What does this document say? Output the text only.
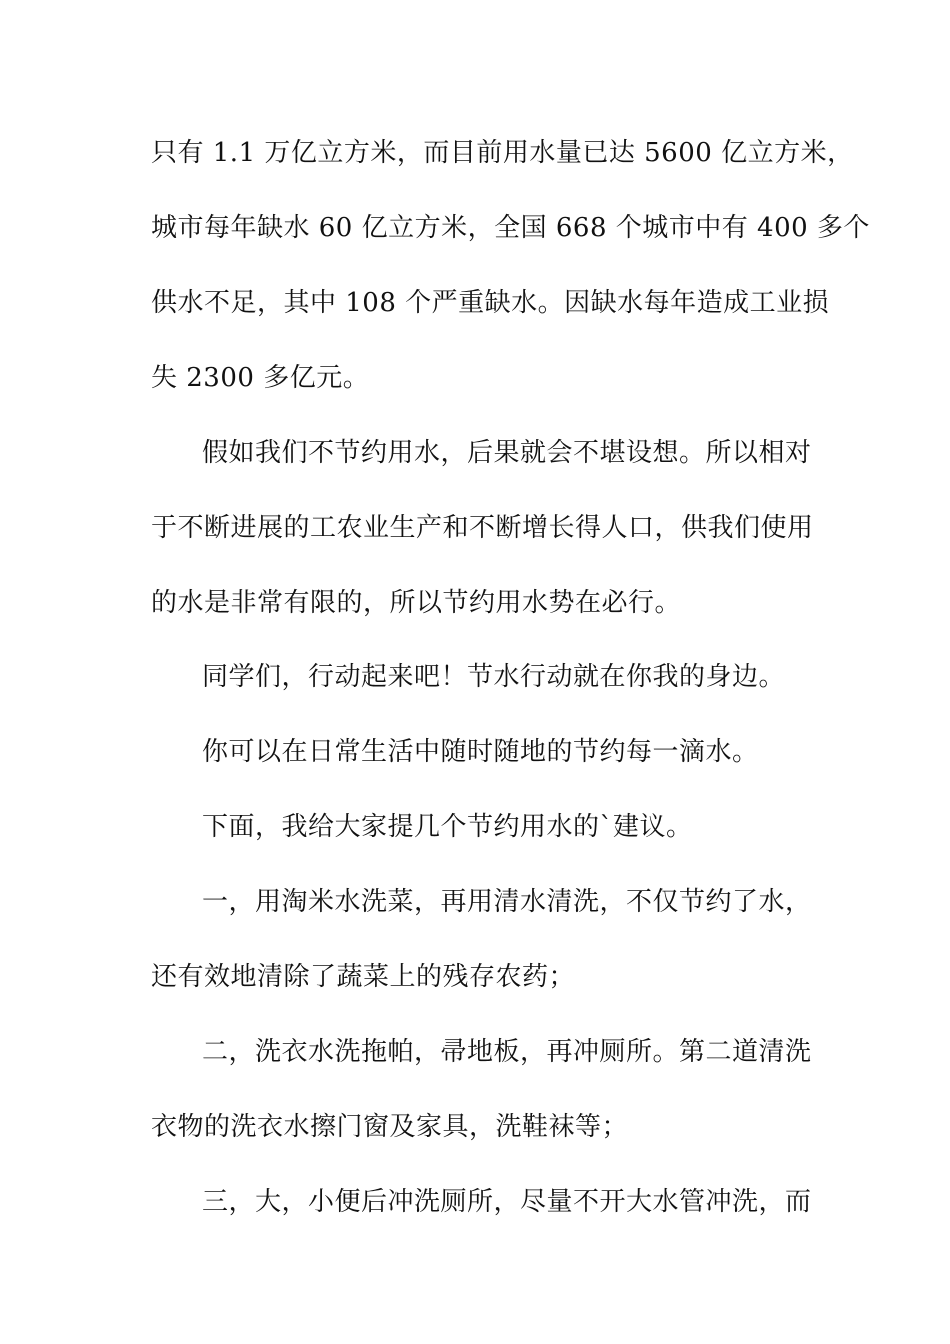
只有 1.1 万亿立方米，而目前用水量已达 5600 亿立方米，

城市每年缺水 60 亿立方米，全国 668 个城市中有 400 多个

供水不足，其中 108 个严重缺水。因缺水每年造成工业损

失 2300 多亿元。

假如我们不节约用水，后果就会不堪设想。所以相对

于不断进展的工农业生产和不断增长得人口，供我们使用

的水是非常有限的，所以节约用水势在必行。

同学们，行动起来吧！节水行动就在你我的身边。

你可以在日常生活中随时随地的节约每一滴水。

下面，我给大家提几个节约用水的`建议。

一，用淘米水洗菜，再用清水清洗，不仅节约了水，

还有效地清除了蔬菜上的残存农药；

二，洗衣水洗拖帕，帚地板，再冲厕所。第二道清洗

衣物的洗衣水擦门窗及家具，洗鞋袜等；

三，大，小便后冲洗厕所，尽量不开大水管冲洗，而
